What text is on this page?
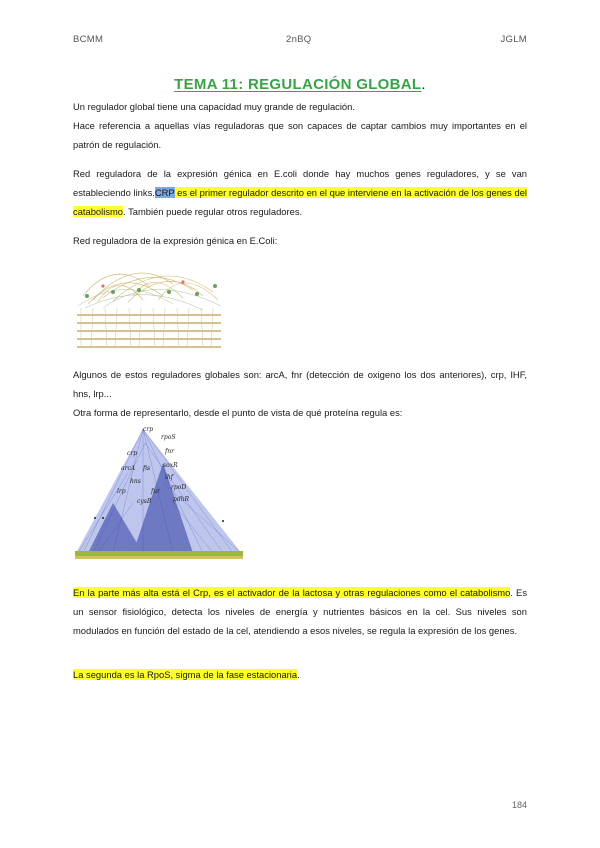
BCMM	2nBQ	JGLM
TEMA 11: REGULACIÓN GLOBAL.
Un regulador global tiene una capacidad muy grande de regulación.
Hace referencia a aquellas vías reguladoras que son capaces de captar cambios muy importantes en el patrón de regulación.
Red reguladora de la expresión génica en E.coli donde hay muchos genes reguladores, y se van estableciendo links.CRP es el primer regulador descrito en el que interviene en la activación de los genes del catabolismo. También puede regular otros reguladores.
Red reguladora de la expresión génica en E.Coli:
Algunos de estos reguladores globales son: arcA, fnr (detección de oxigeno los dos anteriores), crp, IHF, hns, lrp...
Otra forma de representarlo, desde el punto de vista de qué proteína regula es:
crp
rpoS
fnr
crp
soxR
arcA fis
ihf
hns
rpoD
lrp	fur
cysB	pdhR
En la parte más alta está el Crp, es el activador de la lactosa y otras regulaciones como el catabolismo. Es un sensor fisiológico, detecta los niveles de energía y nutrientes básicos en la cel. Sus niveles son modulados en función del estado de la cel, atendiendo a esos niveles, se regula la expresión de los genes.
La segunda es la RpoS, sigma de la fase estacionaria.
184
